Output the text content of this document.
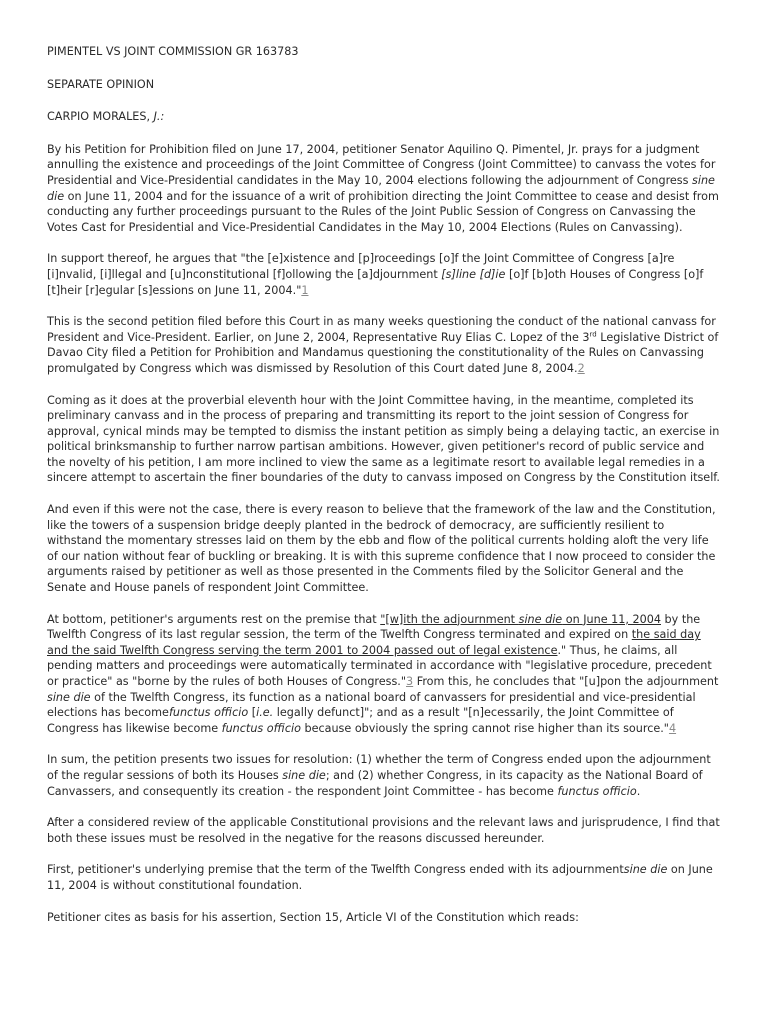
PIMENTEL VS JOINT COMMISSION GR 163783

SEPARATE OPINION

CARPIO MORALES, J.:

By his Petition for Prohibition filed on June 17, 2004, petitioner Senator Aquilino Q. Pimentel, Jr. prays for a judgment annulling the existence and proceedings of the Joint Committee of Congress (Joint Committee) to canvass the votes for Presidential and Vice-Presidential candidates in the May 10, 2004 elections following the adjournment of Congress sine die on June 11, 2004 and for the issuance of a writ of prohibition directing the Joint Committee to cease and desist from conducting any further proceedings pursuant to the Rules of the Joint Public Session of Congress on Canvassing the Votes Cast for Presidential and Vice-Presidential Candidates in the May 10, 2004 Elections (Rules on Canvassing).

In support thereof, he argues that "the [e]xistence and [p]roceedings [o]f the Joint Committee of Congress [a]re [i]nvalid, [i]llegal and [u]nconstitutional [f]ollowing the [a]djournment [s]line [d]ie [o]f [b]oth Houses of Congress [o]f [t]heir [r]egular [s]essions on June 11, 2004."1

This is the second petition filed before this Court in as many weeks questioning the conduct of the national canvass for President and Vice-President. Earlier, on June 2, 2004, Representative Ruy Elias C. Lopez of the 3rd Legislative District of Davao City filed a Petition for Prohibition and Mandamus questioning the constitutionality of the Rules on Canvassing promulgated by Congress which was dismissed by Resolution of this Court dated June 8, 2004.2

Coming as it does at the proverbial eleventh hour with the Joint Committee having, in the meantime, completed its preliminary canvass and in the process of preparing and transmitting its report to the joint session of Congress for approval, cynical minds may be tempted to dismiss the instant petition as simply being a delaying tactic, an exercise in political brinksmanship to further narrow partisan ambitions. However, given petitioner's record of public service and the novelty of his petition, I am more inclined to view the same as a legitimate resort to available legal remedies in a sincere attempt to ascertain the finer boundaries of the duty to canvass imposed on Congress by the Constitution itself.

And even if this were not the case, there is every reason to believe that the framework of the law and the Constitution, like the towers of a suspension bridge deeply planted in the bedrock of democracy, are sufficiently resilient to withstand the momentary stresses laid on them by the ebb and flow of the political currents holding aloft the very life of our nation without fear of buckling or breaking. It is with this supreme confidence that I now proceed to consider the arguments raised by petitioner as well as those presented in the Comments filed by the Solicitor General and the Senate and House panels of respondent Joint Committee.

At bottom, petitioner's arguments rest on the premise that "[w]ith the adjournment sine die on June 11, 2004 by the Twelfth Congress of its last regular session, the term of the Twelfth Congress terminated and expired on the said day and the said Twelfth Congress serving the term 2001 to 2004 passed out of legal existence." Thus, he claims, all pending matters and proceedings were automatically terminated in accordance with "legislative procedure, precedent or practice" as "borne by the rules of both Houses of Congress."3 From this, he concludes that "[u]pon the adjournment sine die of the Twelfth Congress, its function as a national board of canvassers for presidential and vice-presidential elections has becomefunctus officio [i.e. legally defunct]"; and as a result "[n]ecessarily, the Joint Committee of Congress has likewise become functus officio because obviously the spring cannot rise higher than its source."4

In sum, the petition presents two issues for resolution: (1) whether the term of Congress ended upon the adjournment of the regular sessions of both its Houses sine die; and (2) whether Congress, in its capacity as the National Board of Canvassers, and consequently its creation - the respondent Joint Committee - has become functus officio.

After a considered review of the applicable Constitutional provisions and the relevant laws and jurisprudence, I find that both these issues must be resolved in the negative for the reasons discussed hereunder.

First, petitioner's underlying premise that the term of the Twelfth Congress ended with its adjournmentsine die on June 11, 2004 is without constitutional foundation.

Petitioner cites as basis for his assertion, Section 15, Article VI of the Constitution which reads:
